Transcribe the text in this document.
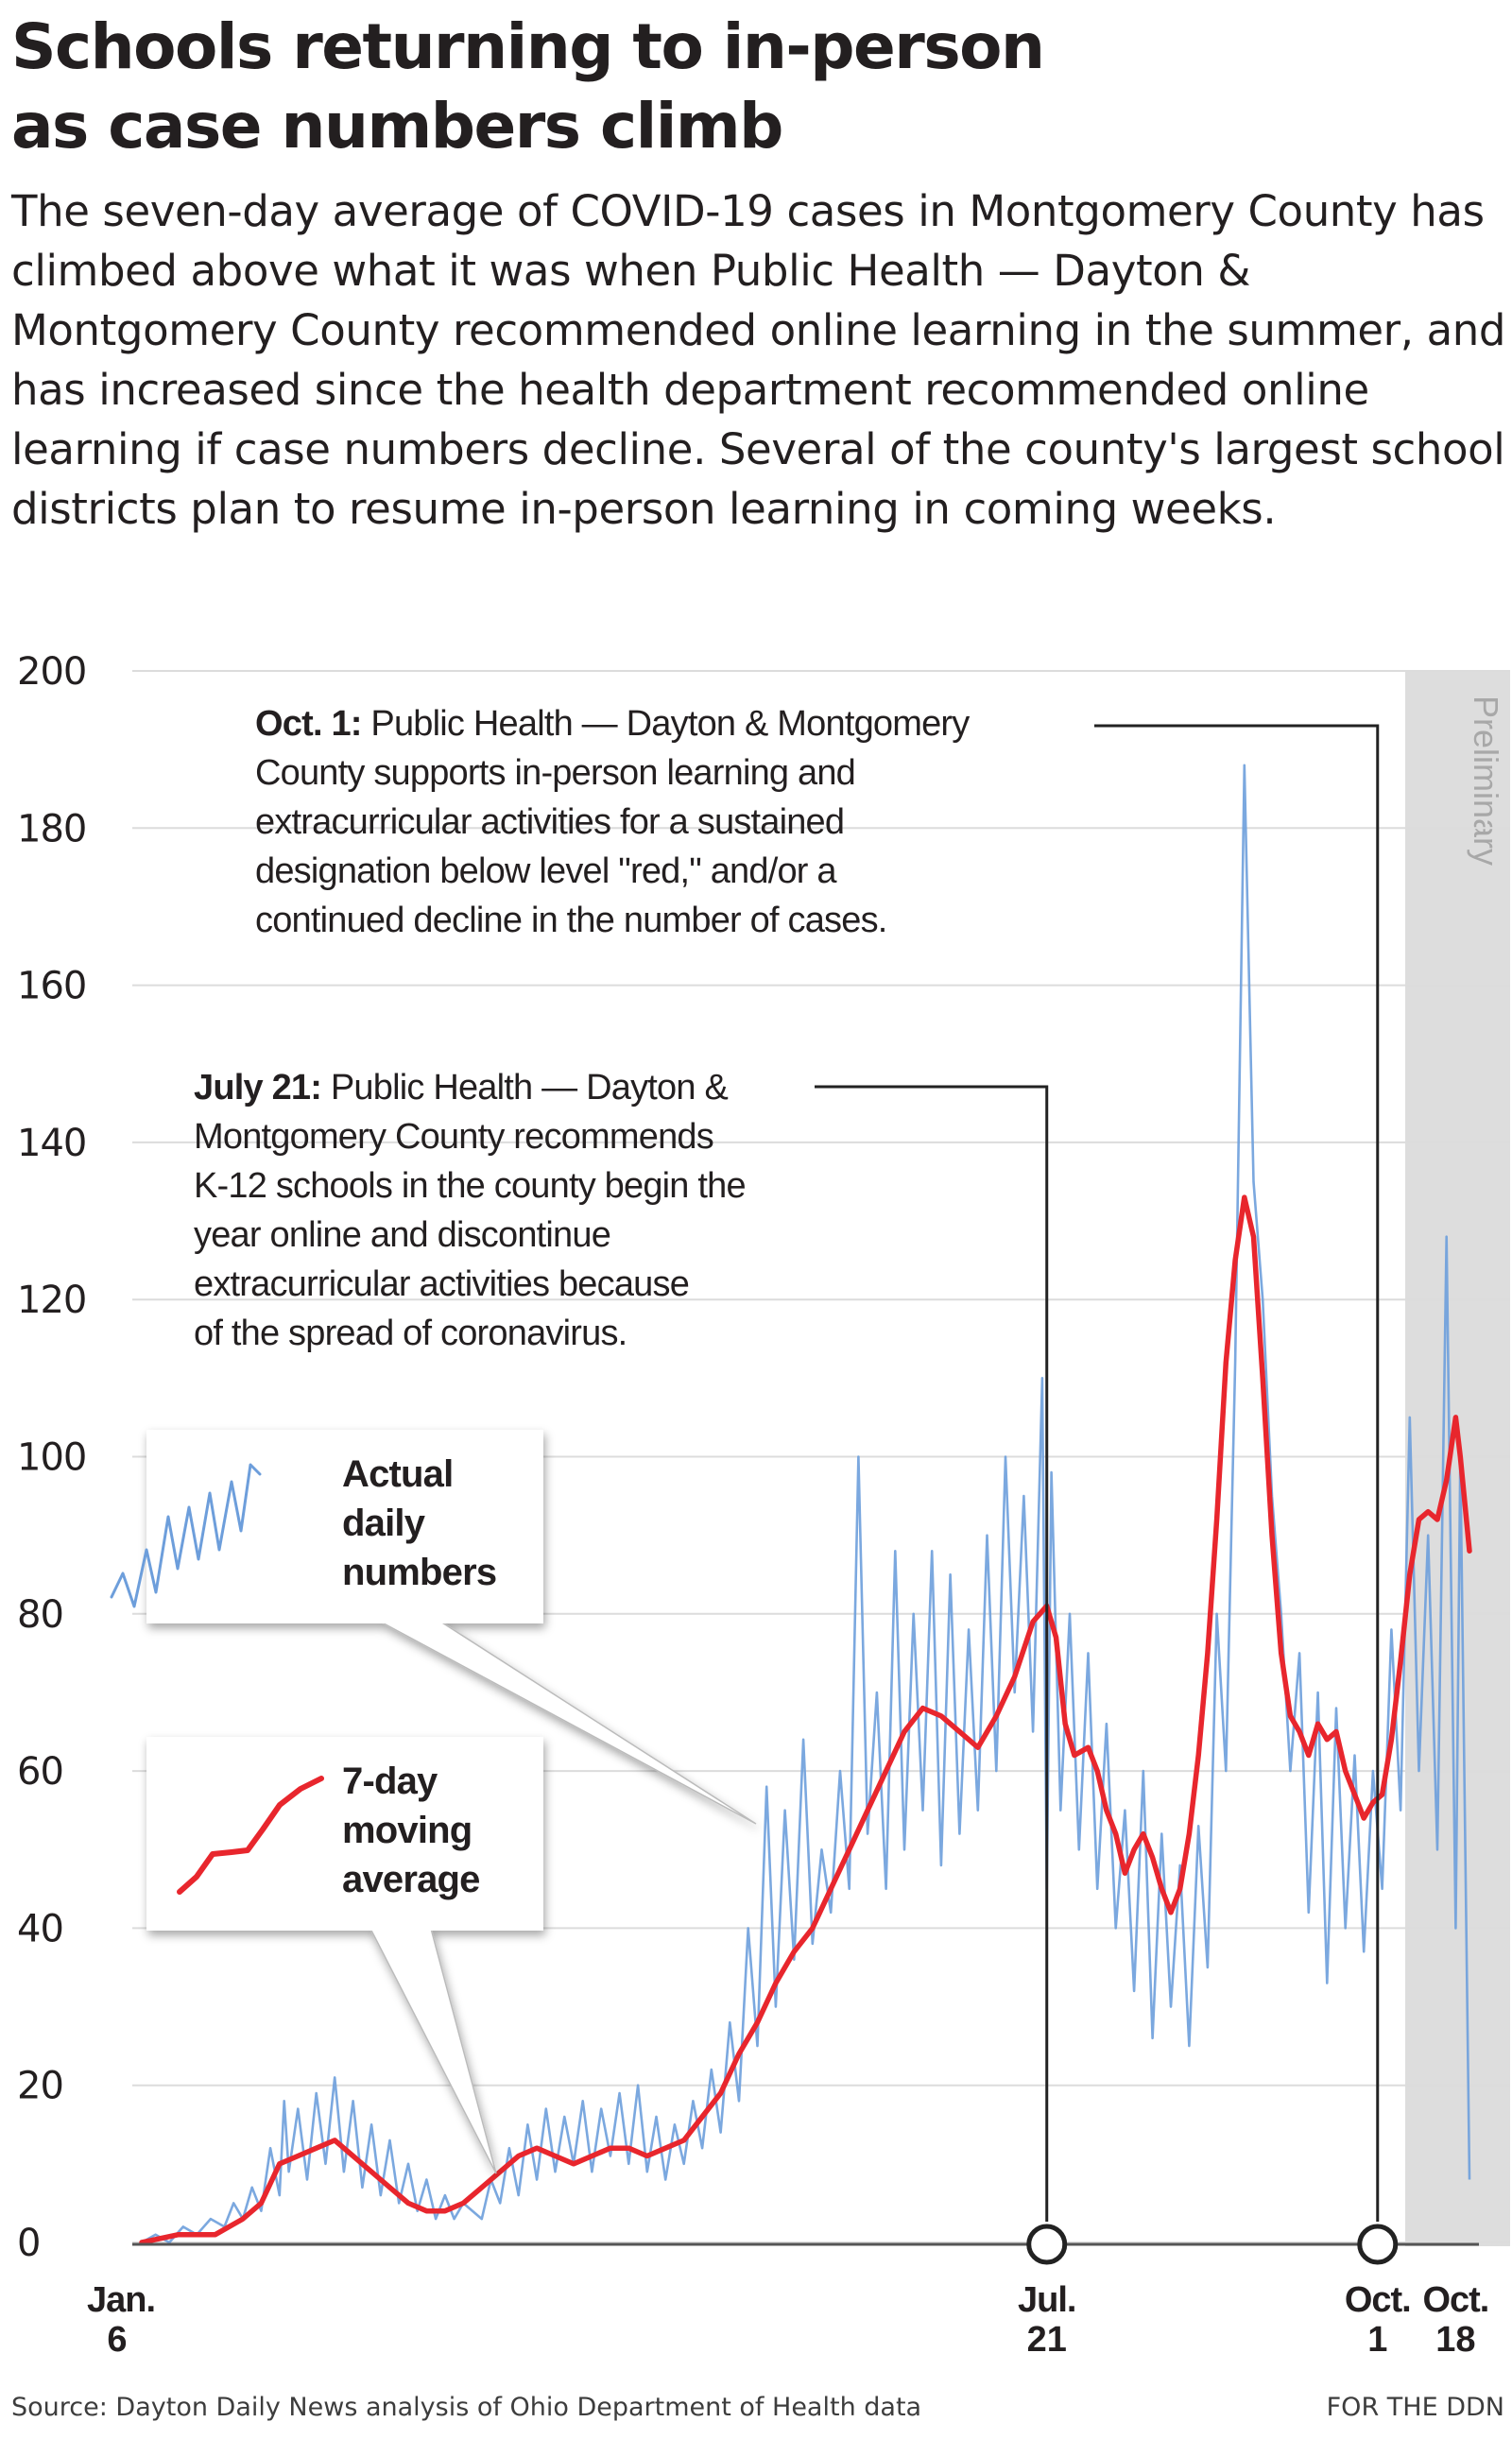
Schools returning to in-person
as case numbers climb

The seven-day average of COVID-19 cases in Montgomery County has climbed above what it was when Public Health — Dayton & Montgomery County recommended online learning in the summer, and has increased since the health department recommended online learning if case numbers decline. Several of the county's largest school districts plan to resume in-person learning in coming weeks.

Preliminary
0
20
40
60
80
100
120
140
160
180
200
Oct. 1: Public Health — Dayton & Montgomery
County supports in-person learning and
extracurricular activities for a sustained
designation below level "red," and/or a
continued decline in the number of cases.
July 21: Public Health — Dayton &
Montgomery County recommends
K-12 schools in the county begin the
year online and discontinue
extracurricular activities because
of the spread of coronavirus.
Jan.
6
Jul.
21
Oct.
1
Oct.
18
Actual
daily
numbers
7-day
moving
average
Source: Dayton Daily News analysis of Ohio Department of Health data	FOR THE DDN
